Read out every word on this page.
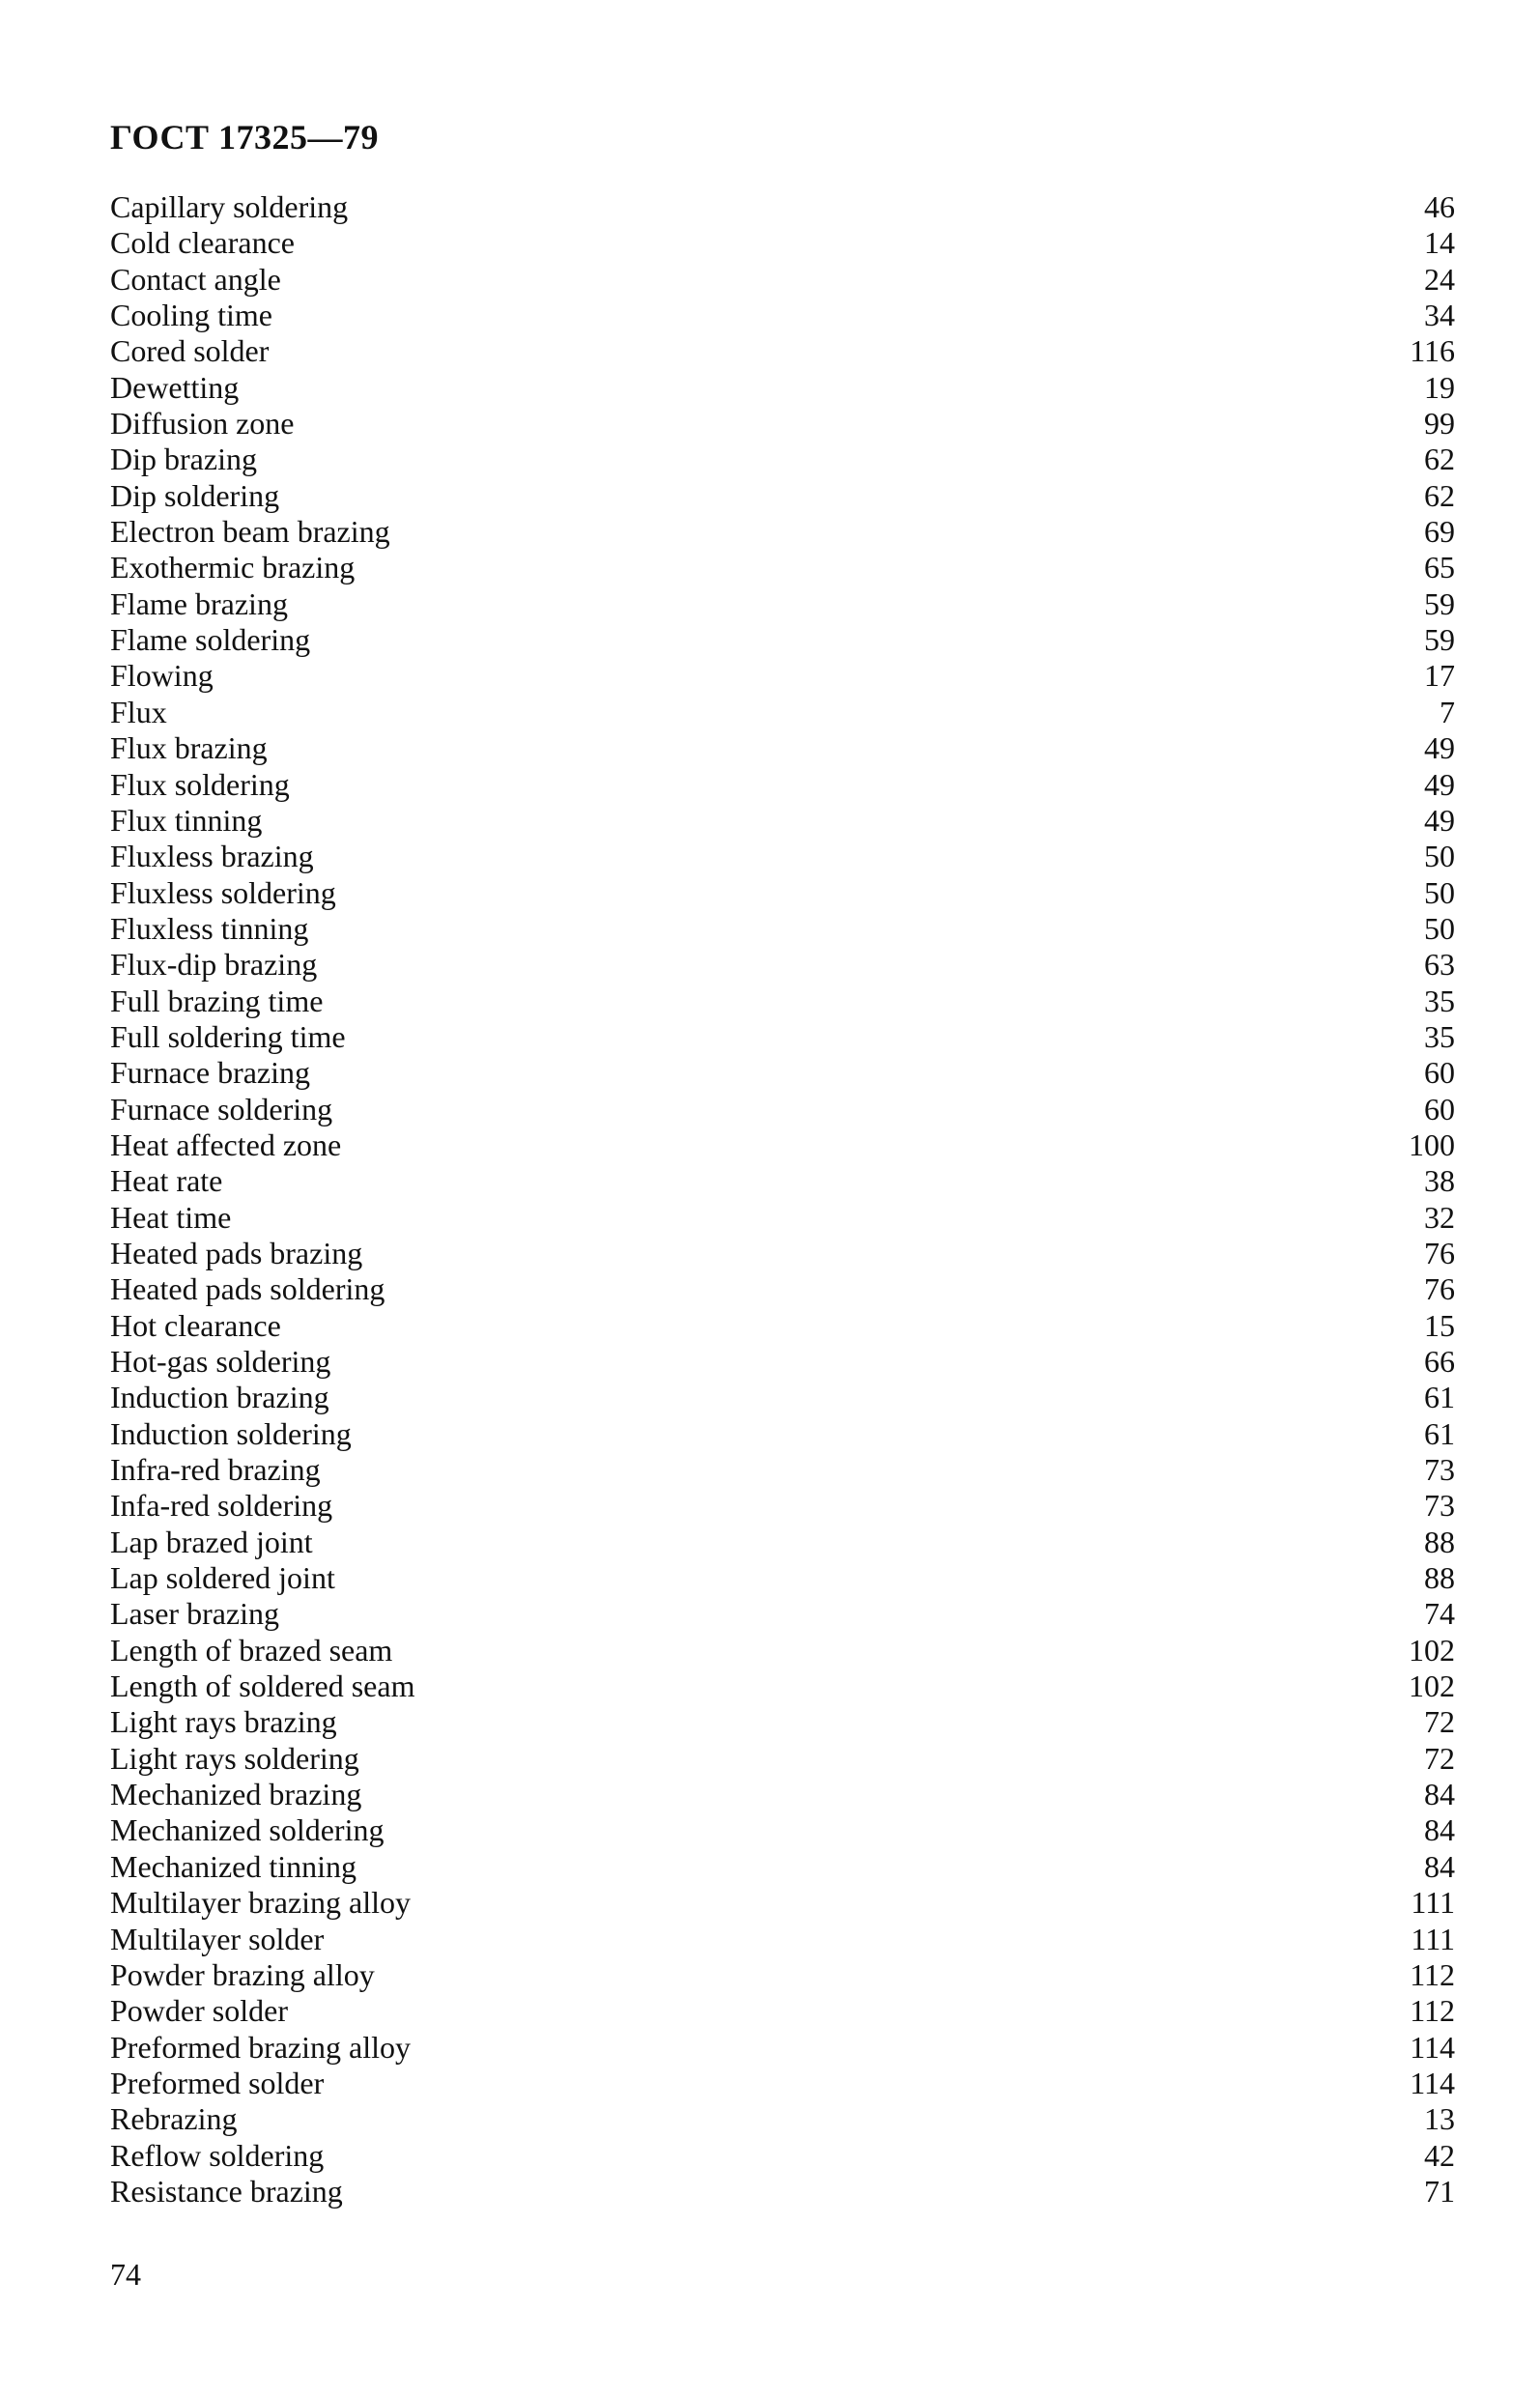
ГОСТ 17325—79
Capillary soldering	46
Cold clearance	14
Contact angle	24
Cooling time	34
Cored solder	116
Dewetting	19
Diffusion zone	99
Dip brazing	62
Dip soldering	62
Electron beam brazing	69
Exothermic brazing	65
Flame brazing	59
Flame soldering	59
Flowing	17
Flux	7
Flux brazing	49
Flux soldering	49
Flux tinning	49
Fluxless brazing	50
Fluxless soldering	50
Fluxless tinning	50
Flux-dip brazing	63
Full brazing time	35
Full soldering time	35
Furnace brazing	60
Furnace soldering	60
Heat affected zone	100
Heat rate	38
Heat time	32
Heated pads brazing	76
Heated pads soldering	76
Hot clearance	15
Hot-gas soldering	66
Induction brazing	61
Induction soldering	61
Infra-red brazing	73
Infa-red soldering	73
Lap brazed joint	88
Lap soldered joint	88
Laser brazing	74
Length of brazed seam	102
Length of soldered seam	102
Light rays brazing	72
Light rays soldering	72
Mechanized brazing	84
Mechanized soldering	84
Mechanized tinning	84
Multilayer brazing alloy	111
Multilayer solder	111
Powder brazing alloy	112
Powder solder	112
Preformed brazing alloy	114
Preformed solder	114
Rebrazing	13
Reflow soldering	42
Resistance brazing	71
74
